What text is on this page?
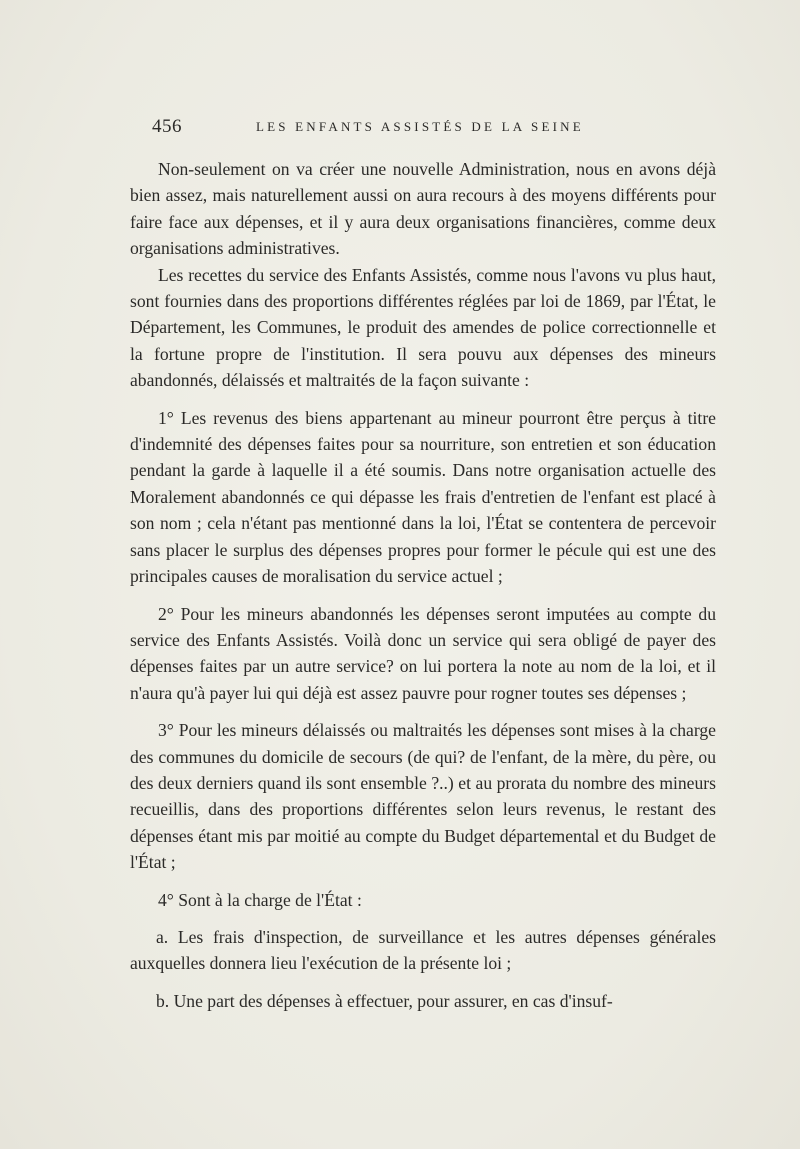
456	LES ENFANTS ASSISTÉS DE LA SEINE

Non-seulement on va créer une nouvelle Administration, nous en avons déjà bien assez, mais naturellement aussi on aura recours à des moyens différents pour faire face aux dépenses, et il y aura deux organisations financières, comme deux organisations administratives.

Les recettes du service des Enfants Assistés, comme nous l'avons vu plus haut, sont fournies dans des proportions différentes réglées par loi de 1869, par l'État, le Département, les Communes, le produit des amendes de police correctionnelle et la fortune propre de l'institution. Il sera pouvu aux dépenses des mineurs abandonnés, délaissés et maltraités de la façon suivante :

1° Les revenus des biens appartenant au mineur pourront être perçus à titre d'indemnité des dépenses faites pour sa nourriture, son entretien et son éducation pendant la garde à laquelle il a été soumis. Dans notre organisation actuelle des Moralement abandonnés ce qui dépasse les frais d'entretien de l'enfant est placé à son nom ; cela n'étant pas mentionné dans la loi, l'État se contentera de percevoir sans placer le surplus des dépenses propres pour former le pécule qui est une des principales causes de moralisation du service actuel ;

2° Pour les mineurs abandonnés les dépenses seront imputées au compte du service des Enfants Assistés. Voilà donc un service qui sera obligé de payer des dépenses faites par un autre service? on lui portera la note au nom de la loi, et il n'aura qu'à payer lui qui déjà est assez pauvre pour rogner toutes ses dépenses ;

3° Pour les mineurs délaissés ou maltraités les dépenses sont mises à la charge des communes du domicile de secours (de qui? de l'enfant, de la mère, du père, ou des deux derniers quand ils sont ensemble ?..) et au prorata du nombre des mineurs recueillis, dans des proportions différentes selon leurs revenus, le restant des dépenses étant mis par moitié au compte du Budget départemental et du Budget de l'État ;

4° Sont à la charge de l'État :

a. Les frais d'inspection, de surveillance et les autres dépenses générales auxquelles donnera lieu l'exécution de la présente loi ;

b. Une part des dépenses à effectuer, pour assurer, en cas d'insuf-
